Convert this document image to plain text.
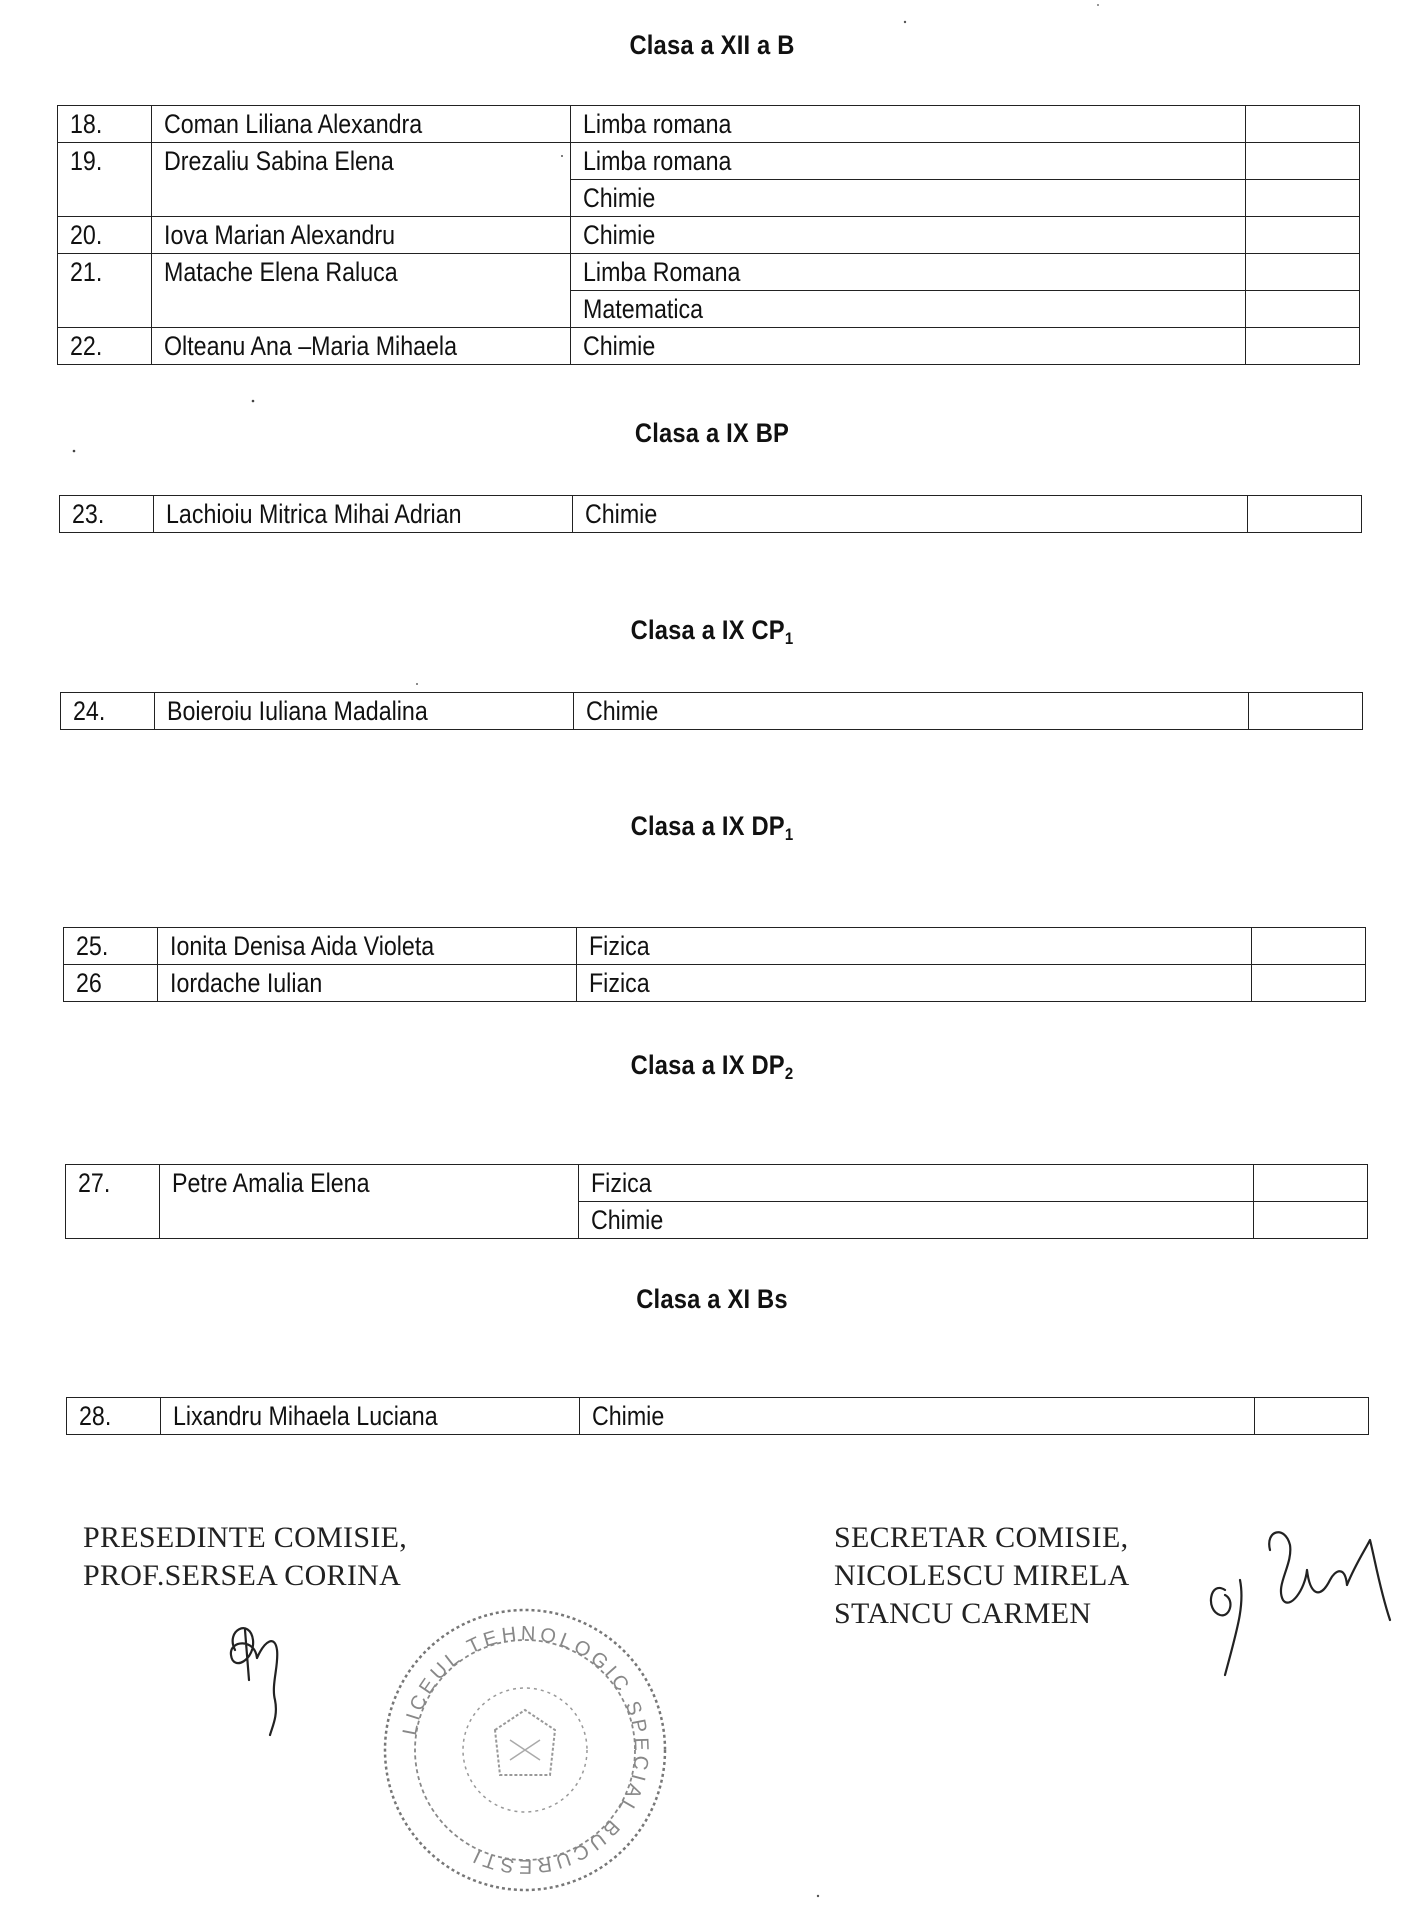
Clasa a XII a B
18.	Coman Liliana Alexandra	Limba romana	
19.	Drezaliu Sabina Elena	Limba romana	
		Chimie	
20.	Iova Marian Alexandru	Chimie	
21.	Matache Elena Raluca	Limba Romana	
		Matematica	
22.	Olteanu Ana –Maria Mihaela	Chimie	
Clasa a IX BP
23.	Lachioiu Mitrica Mihai Adrian	Chimie	
Clasa a IX $CP_1$
24.	Boieroiu Iuliana Madalina	Chimie	
Clasa a IX $DP_1$
25.	Ionita Denisa Aida Violeta	Fizica	
26	Iordache Iulian	Fizica	
Clasa a IX $DP_2$
27.	Petre Amalia Elena	Fizica	
		Chimie	
Clasa a XI Bs
28.	Lixandru Mihaela Luciana	Chimie	
PRESEDINTE COMISIE,
PROF.SERSEA CORINA
SECRETAR COMISIE,
NICOLESCU MIRELA
STANCU CARMEN
LICEUL TEHNOLOGIC SPECIAL BUCURESTI
